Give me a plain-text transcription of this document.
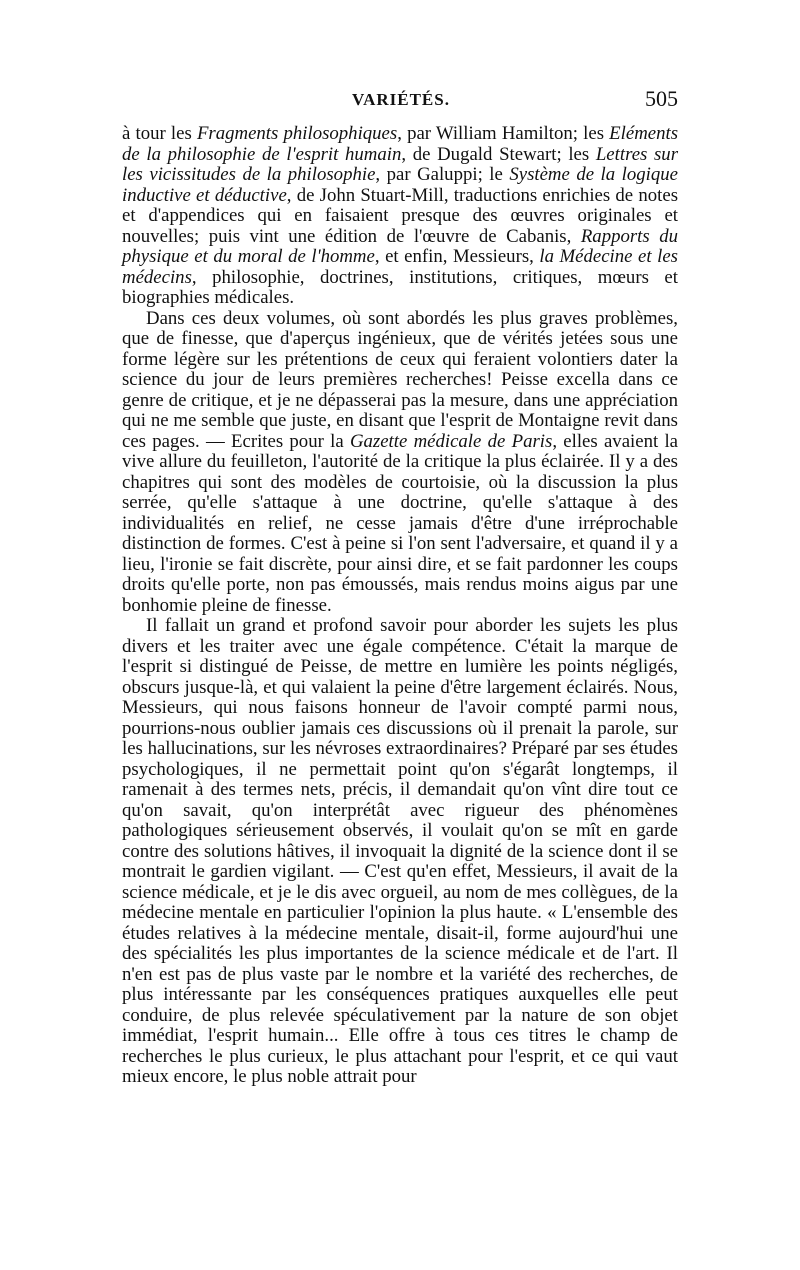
VARIÉTÉS.	505

à tour les Fragments philosophiques, par William Hamilton; les Eléments de la philosophie de l'esprit humain, de Dugald Stewart; les Lettres sur les vicissitudes de la philosophie, par Galuppi; le Système de la logique inductive et déductive, de John Stuart-Mill, traductions enrichies de notes et d'appendices qui en faisaient presque des œuvres originales et nouvelles; puis vint une édition de l'œuvre de Cabanis, Rapports du physique et du moral de l'homme, et enfin, Messieurs, la Médecine et les médecins, philosophie, doctrines, institutions, critiques, mœurs et biographies médicales.

Dans ces deux volumes, où sont abordés les plus graves problèmes, que de finesse, que d'aperçus ingénieux, que de vérités jetées sous une forme légère sur les prétentions de ceux qui feraient volontiers dater la science du jour de leurs premières recherches! Peisse excella dans ce genre de critique, et je ne dépasserai pas la mesure, dans une appréciation qui ne me semble que juste, en disant que l'esprit de Montaigne revit dans ces pages. — Ecrites pour la Gazette médicale de Paris, elles avaient la vive allure du feuilleton, l'autorité de la critique la plus éclairée. Il y a des chapitres qui sont des modèles de courtoisie, où la discussion la plus serrée, qu'elle s'attaque à une doctrine, qu'elle s'attaque à des individualités en relief, ne cesse jamais d'être d'une irréprochable distinction de formes. C'est à peine si l'on sent l'adversaire, et quand il y a lieu, l'ironie se fait discrète, pour ainsi dire, et se fait pardonner les coups droits qu'elle porte, non pas émoussés, mais rendus moins aigus par une bonhomie pleine de finesse.

Il fallait un grand et profond savoir pour aborder les sujets les plus divers et les traiter avec une égale compétence. C'était la marque de l'esprit si distingué de Peisse, de mettre en lumière les points négligés, obscurs jusque-là, et qui valaient la peine d'être largement éclairés. Nous, Messieurs, qui nous faisons honneur de l'avoir compté parmi nous, pourrions-nous oublier jamais ces discussions où il prenait la parole, sur les hallucinations, sur les névroses extraordinaires? Préparé par ses études psychologiques, il ne permettait point qu'on s'égarât longtemps, il ramenait à des termes nets, précis, il demandait qu'on vînt dire tout ce qu'on savait, qu'on interprétât avec rigueur des phénomènes pathologiques sérieusement observés, il voulait qu'on se mît en garde contre des solutions hâtives, il invoquait la dignité de la science dont il se montrait le gardien vigilant. — C'est qu'en effet, Messieurs, il avait de la science médicale, et je le dis avec orgueil, au nom de mes collègues, de la médecine mentale en particulier l'opinion la plus haute. « L'ensemble des études relatives à la médecine mentale, disait-il, forme aujourd'hui une des spécialités les plus importantes de la science médicale et de l'art. Il n'en est pas de plus vaste par le nombre et la variété des recherches, de plus intéressante par les conséquences pratiques auxquelles elle peut conduire, de plus relevée spéculativement par la nature de son objet immédiat, l'esprit humain... Elle offre à tous ces titres le champ de recherches le plus curieux, le plus attachant pour l'esprit, et ce qui vaut mieux encore, le plus noble attrait pour
